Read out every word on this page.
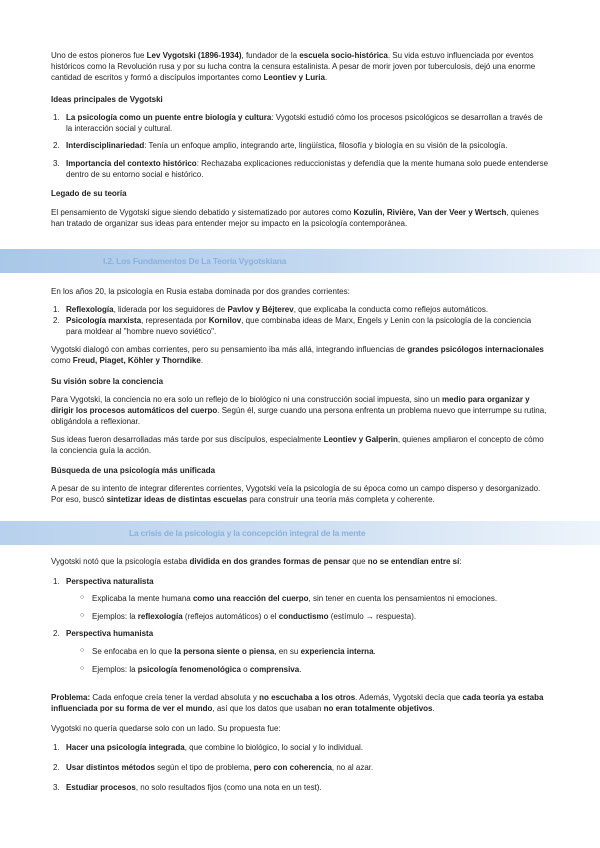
Uno de estos pioneros fue Lev Vygotski (1896-1934), fundador de la escuela socio-histórica. Su vida estuvo influenciada por eventos históricos como la Revolución rusa y por su lucha contra la censura estalinista. A pesar de morir joven por tuberculosis, dejó una enorme cantidad de escritos y formó a discípulos importantes como Leontiev y Luria.

Ideas principales de Vygotski

1. La psicología como un puente entre biología y cultura: Vygotski estudió cómo los procesos psicológicos se desarrollan a través de la interacción social y cultural.
2. Interdisciplinariedad: Tenía un enfoque amplio, integrando arte, lingüística, filosofía y biología en su visión de la psicología.
3. Importancia del contexto histórico: Rechazaba explicaciones reduccionistas y defendía que la mente humana solo puede entenderse dentro de su entorno social e histórico.

Legado de su teoría

El pensamiento de Vygotski sigue siendo debatido y sistematizado por autores como Kozulin, Rivière, Van der Veer y Wertsch, quienes han tratado de organizar sus ideas para entender mejor su impacto en la psicología contemporánea.

I.2. Los Fundamentos De La Teoría Vygotskiana

En los años 20, la psicología en Rusia estaba dominada por dos grandes corrientes:

1. Reflexología, liderada por los seguidores de Pavlov y Béjterev, que explicaba la conducta como reflejos automáticos.
2. Psicología marxista, representada por Kornilov, que combinaba ideas de Marx, Engels y Lenin con la psicología de la conciencia para moldear al "hombre nuevo soviético".

Vygotski dialogó con ambas corrientes, pero su pensamiento iba más allá, integrando influencias de grandes psicólogos internacionales como Freud, Piaget, Köhler y Thorndike.

Su visión sobre la conciencia

Para Vygotski, la conciencia no era solo un reflejo de lo biológico ni una construcción social impuesta, sino un medio para organizar y dirigir los procesos automáticos del cuerpo. Según él, surge cuando una persona enfrenta un problema nuevo que interrumpe su rutina, obligándola a reflexionar.

Sus ideas fueron desarrolladas más tarde por sus discípulos, especialmente Leontiev y Galperin, quienes ampliaron el concepto de cómo la conciencia guía la acción.

Búsqueda de una psicología más unificada

A pesar de su intento de integrar diferentes corrientes, Vygotski veía la psicología de su época como un campo disperso y desorganizado. Por eso, buscó sintetizar ideas de distintas escuelas para construir una teoría más completa y coherente.

La crisis de la psicología y la concepción integral de la mente

Vygotski notó que la psicología estaba dividida en dos grandes formas de pensar que no se entendían entre sí:

1. Perspectiva naturalista
○ Explicaba la mente humana como una reacción del cuerpo, sin tener en cuenta los pensamientos ni emociones.
○ Ejemplos: la reflexología (reflejos automáticos) o el conductismo (estímulo → respuesta).
2. Perspectiva humanista
○ Se enfocaba en lo que la persona siente o piensa, en su experiencia interna.
○ Ejemplos: la psicología fenomenológica o comprensiva.

Problema: Cada enfoque creía tener la verdad absoluta y no escuchaba a los otros. Además, Vygotski decía que cada teoría ya estaba influenciada por su forma de ver el mundo, así que los datos que usaban no eran totalmente objetivos.

Vygotski no quería quedarse solo con un lado. Su propuesta fue:

1. Hacer una psicología integrada, que combine lo biológico, lo social y lo individual.
2. Usar distintos métodos según el tipo de problema, pero con coherencia, no al azar.
3. Estudiar procesos, no solo resultados fijos (como una nota en un test).
